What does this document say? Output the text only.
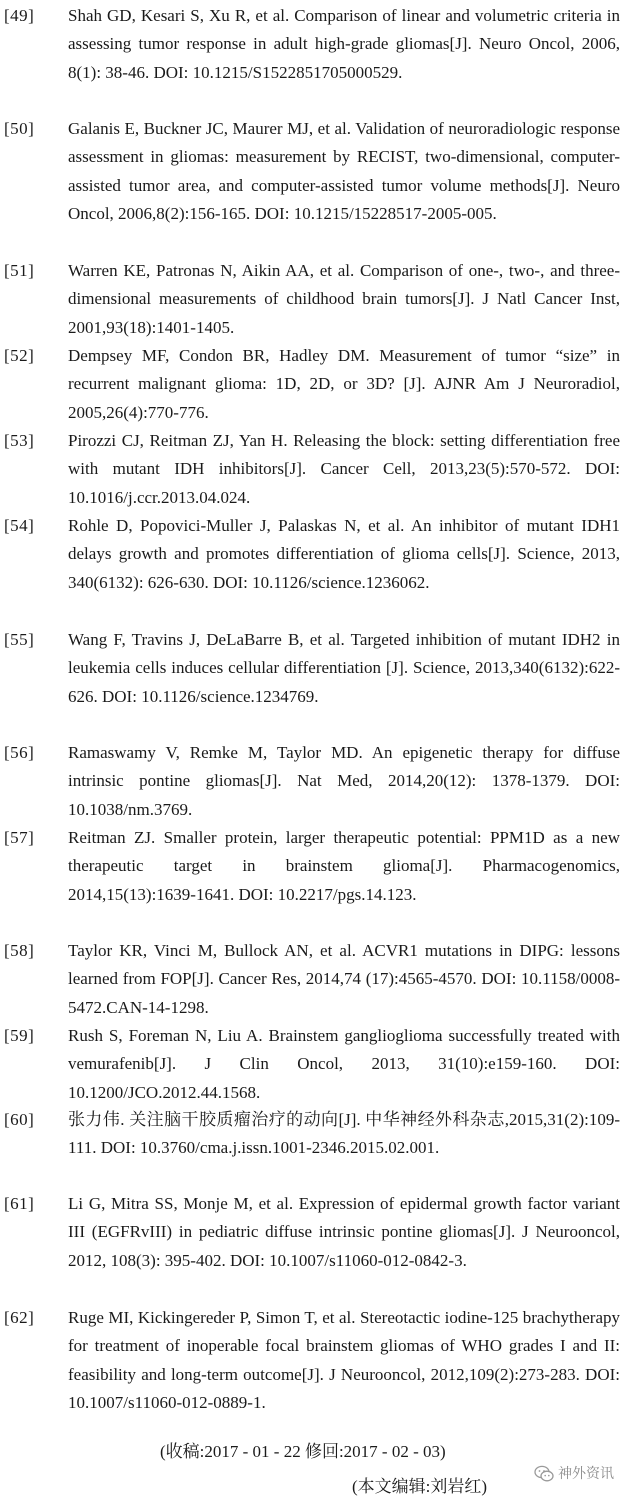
[49] Shah GD, Kesari S, Xu R, et al. Comparison of linear and volumetric criteria in assessing tumor response in adult high-grade gliomas[J]. Neuro Oncol, 2006, 8(1): 38-46. DOI: 10.1215/S1522851705000529.
[50] Galanis E, Buckner JC, Maurer MJ, et al. Validation of neuroradiologic response assessment in gliomas: measurement by RECIST, two-dimensional, computer-assisted tumor area, and computer-assisted tumor volume methods[J]. Neuro Oncol, 2006,8(2):156-165. DOI: 10.1215/15228517-2005-005.
[51] Warren KE, Patronas N, Aikin AA, et al. Comparison of one-, two-, and three-dimensional measurements of childhood brain tumors[J]. J Natl Cancer Inst, 2001,93(18):1401-1405.
[52] Dempsey MF, Condon BR, Hadley DM. Measurement of tumor “size” in recurrent malignant glioma: 1D, 2D, or 3D? [J]. AJNR Am J Neuroradiol, 2005,26(4):770-776.
[53] Pirozzi CJ, Reitman ZJ, Yan H. Releasing the block: setting differentiation free with mutant IDH inhibitors[J]. Cancer Cell, 2013,23(5):570-572. DOI: 10.1016/j.ccr.2013.04.024.
[54] Rohle D, Popovici-Muller J, Palaskas N, et al. An inhibitor of mutant IDH1 delays growth and promotes differentiation of glioma cells[J]. Science, 2013, 340(6132): 626-630. DOI: 10.1126/science.1236062.
[55] Wang F, Travins J, DeLaBarre B, et al. Targeted inhibition of mutant IDH2 in leukemia cells induces cellular differentiation [J]. Science, 2013,340(6132):622-626. DOI: 10.1126/science.1234769.
[56] Ramaswamy V, Remke M, Taylor MD. An epigenetic therapy for diffuse intrinsic pontine gliomas[J]. Nat Med, 2014,20(12): 1378-1379. DOI: 10.1038/nm.3769.
[57] Reitman ZJ. Smaller protein, larger therapeutic potential: PPM1D as a new therapeutic target in brainstem glioma[J]. Pharmacogenomics, 2014,15(13):1639-1641. DOI: 10.2217/pgs.14.123.
[58] Taylor KR, Vinci M, Bullock AN, et al. ACVR1 mutations in DIPG: lessons learned from FOP[J]. Cancer Res, 2014,74 (17):4565-4570. DOI: 10.1158/0008-5472.CAN-14-1298.
[59] Rush S, Foreman N, Liu A. Brainstem ganglioglioma successfully treated with vemurafenib[J]. J Clin Oncol, 2013, 31(10):e159-160. DOI: 10.1200/JCO.2012.44.1568.
[60] 张力伟. 关注脑干胶质瘤治疗的动向[J]. 中华神经外科杂志,2015,31(2):109-111. DOI: 10.3760/cma.j.issn.1001-2346.2015.02.001.
[61] Li G, Mitra SS, Monje M, et al. Expression of epidermal growth factor variant III (EGFRvIII) in pediatric diffuse intrinsic pontine gliomas[J]. J Neurooncol, 2012, 108(3): 395-402. DOI: 10.1007/s11060-012-0842-3.
[62] Ruge MI, Kickingereder P, Simon T, et al. Stereotactic iodine-125 brachytherapy for treatment of inoperable focal brainstem gliomas of WHO grades I and II: feasibility and long-term outcome[J]. J Neurooncol, 2012,109(2):273-283. DOI: 10.1007/s11060-012-0889-1.
(收稿:2017 - 01 - 22 修回:2017 - 02 - 03)
(本文编辑:刘岩红)
神外资讯
